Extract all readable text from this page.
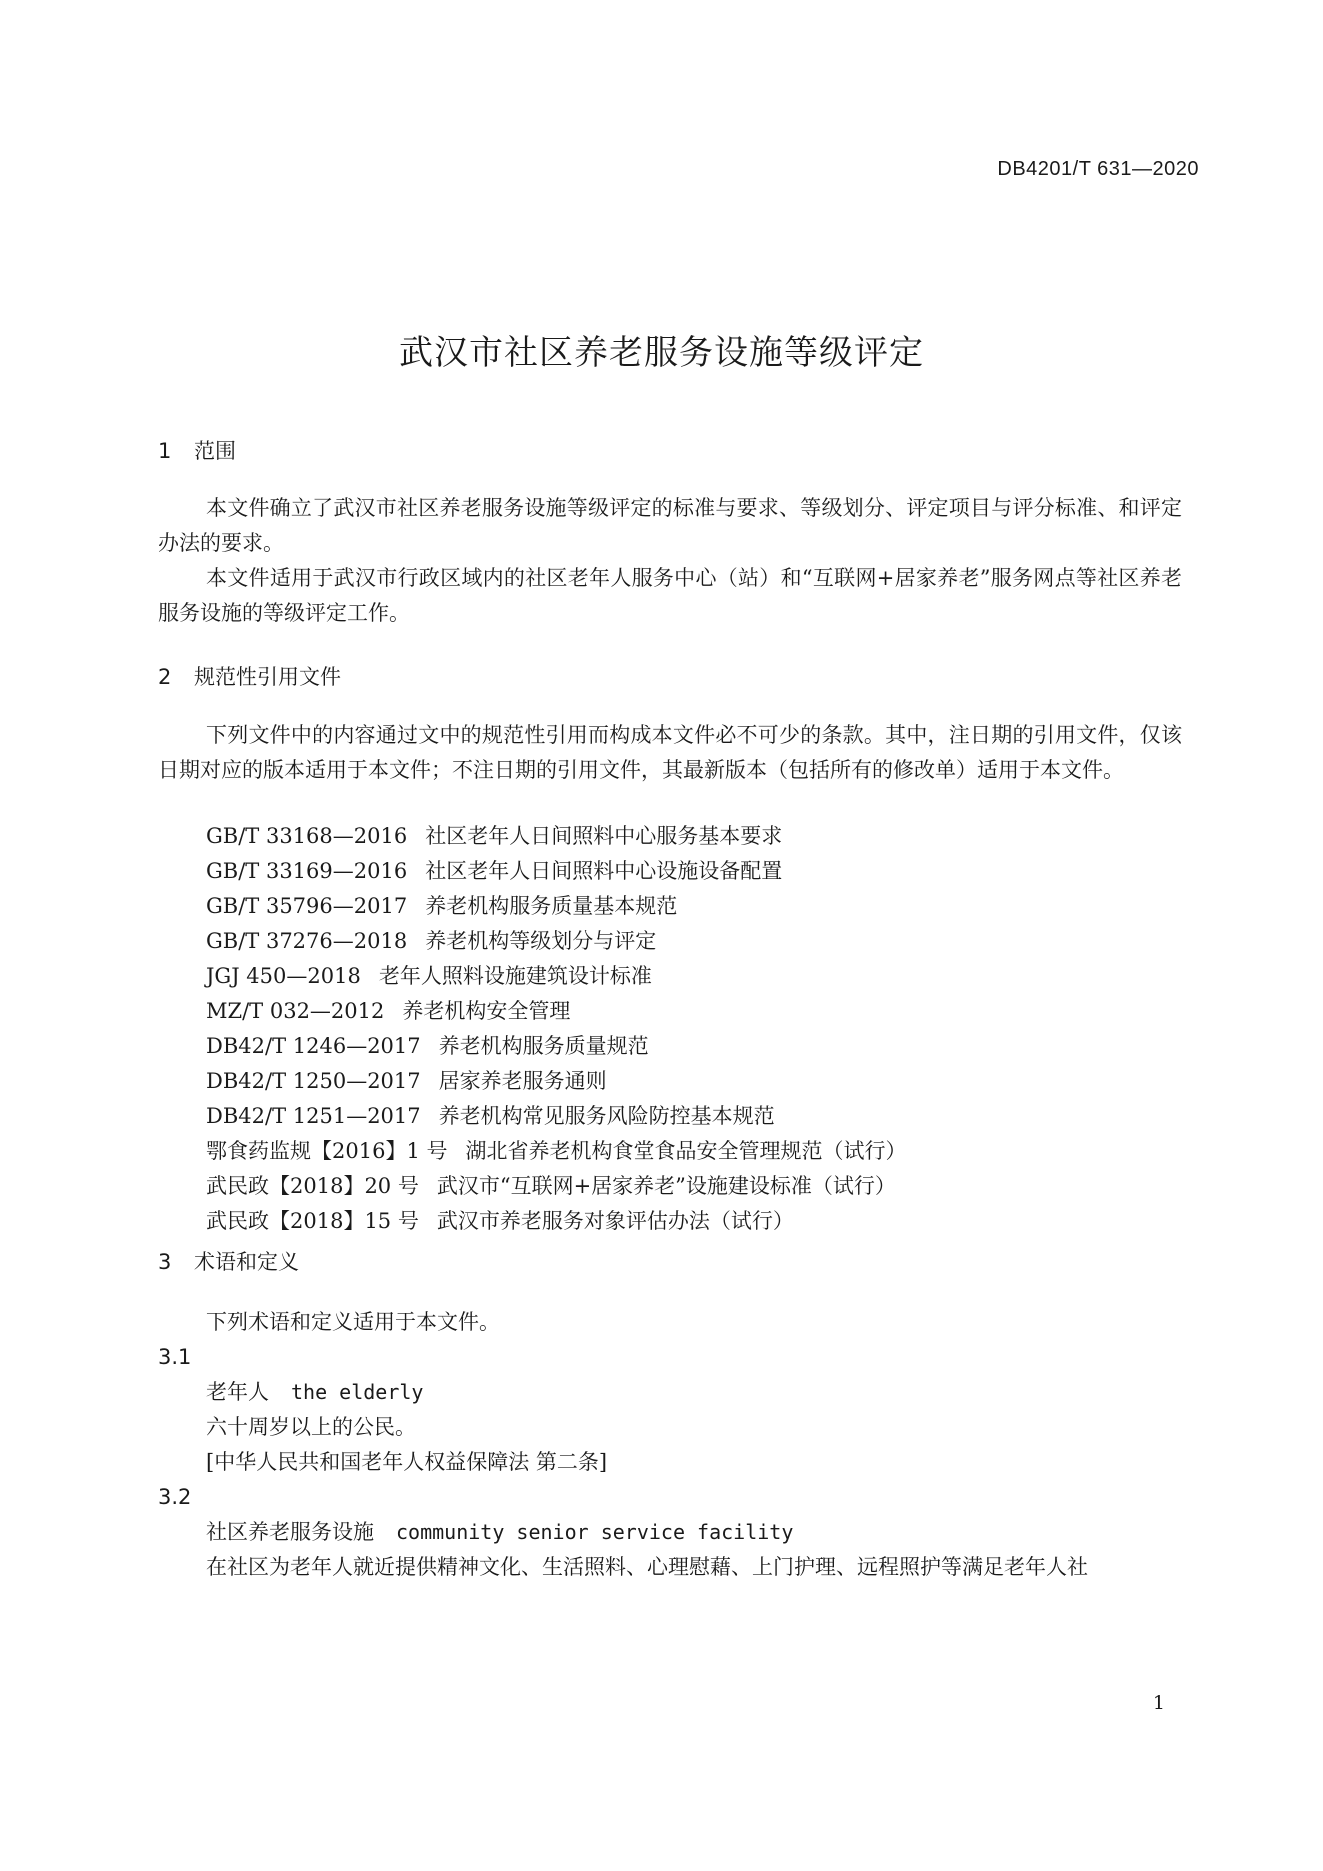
DB4201/T 631—2020
武汉市社区养老服务设施等级评定
1 范围

本文件确立了武汉市社区养老服务设施等级评定的标准与要求、等级划分、评定项目与评分标准、和评定办法的要求。

本文件适用于武汉市行政区域内的社区老年人服务中心（站）和“互联网+居家养老”服务网点等社区养老服务设施的等级评定工作。

2 规范性引用文件

下列文件中的内容通过文中的规范性引用而构成本文件必不可少的条款。其中，注日期的引用文件，仅该日期对应的版本适用于本文件；不注日期的引用文件，其最新版本（包括所有的修改单）适用于本文件。

GB/T 33168—2016 社区老年人日间照料中心服务基本要求

GB/T 33169—2016 社区老年人日间照料中心设施设备配置

GB/T 35796—2017 养老机构服务质量基本规范

GB/T 37276—2018 养老机构等级划分与评定

JGJ 450—2018 老年人照料设施建筑设计标准

MZ/T 032—2012 养老机构安全管理

DB42/T 1246—2017 养老机构服务质量规范

DB42/T 1250—2017 居家养老服务通则

DB42/T 1251—2017 养老机构常见服务风险防控基本规范

鄂食药监规【2016】1 号 湖北省养老机构食堂食品安全管理规范（试行）

武民政【2018】20 号 武汉市“互联网+居家养老”设施建设标准（试行）

武民政【2018】15 号 武汉市养老服务对象评估办法（试行）

3 术语和定义

下列术语和定义适用于本文件。

3.1
老年人 the elderly
六十周岁以上的公民。
[中华人民共和国老年人权益保障法 第二条]
3.2
社区养老服务设施 community senior service facility
在社区为老年人就近提供精神文化、生活照料、心理慰藉、上门护理、远程照护等满足老年人社
1
